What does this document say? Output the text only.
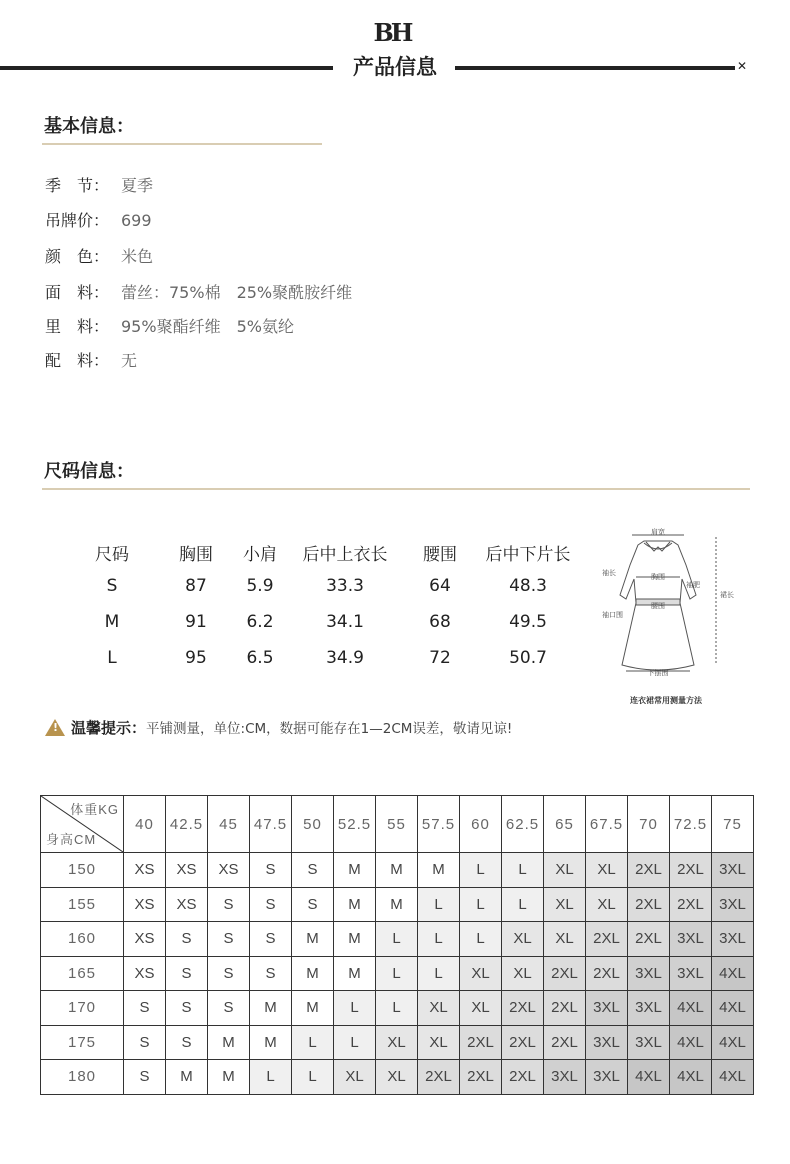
BH
产品信息	✕
基本信息：
季　节： 夏季
吊牌价： 699
颜　色： 米色
面　料： 蕾丝：75%棉　25%聚酰胺纤维
里　料： 95%聚酯纤维　5%氨纶
配　料： 无
尺码信息：
尺码	胸围	小肩	后中上衣长	腰围	后中下片长
S	87	5.9	33.3	64	48.3
M	91	6.2	34.1	68	49.5
L	95	6.5	34.9	72	50.7
肩宽
袖长	胸围
袖肥
腰围
袖口围
裙长
下摆围
连衣裙常用测量方法
!温馨提示：平铺测量，单位:CM，数据可能存在1—2CM误差，敬请见谅!
体重KG
身高CM	40	42.5	45	47.5	50	52.5	55	57.5	60	62.5	65	67.5	70	72.5	75
150	XS	XS	XS	S	S	M	M	M	L	L	XL	XL	2XL	2XL	3XL
155	XS	XS	S	S	S	M	M	L	L	L	XL	XL	2XL	2XL	3XL
160	XS	S	S	S	M	M	L	L	L	XL	XL	2XL	2XL	3XL	3XL
165	XS	S	S	S	M	M	L	L	XL	XL	2XL	2XL	3XL	3XL	4XL
170	S	S	S	M	M	L	L	XL	XL	2XL	2XL	3XL	3XL	4XL	4XL
175	S	S	M	M	L	L	XL	XL	2XL	2XL	2XL	3XL	3XL	4XL	4XL
180	S	M	M	L	L	XL	XL	2XL	2XL	2XL	3XL	3XL	4XL	4XL	4XL
